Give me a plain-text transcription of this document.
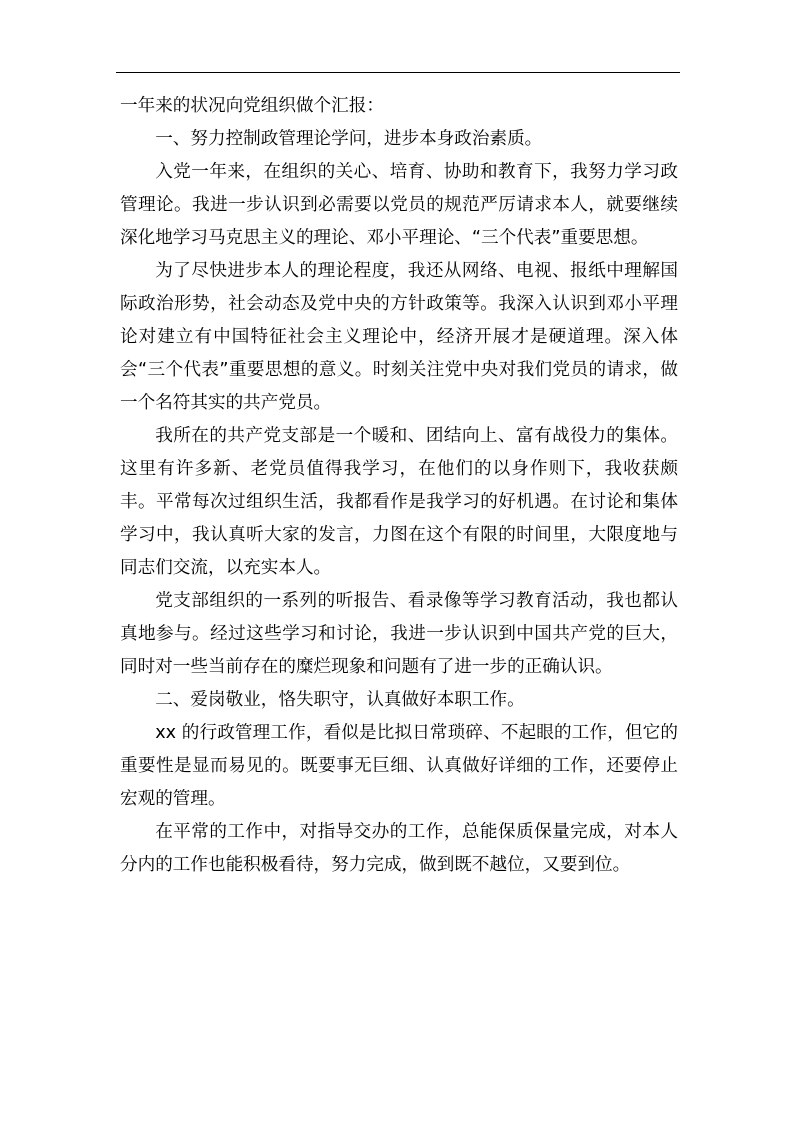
一年来的状况向党组织做个汇报：

一、努力控制政管理论学问，进步本身政治素质。

入党一年来，在组织的关心、培育、协助和教育下，我努力学习政管理论。我进一步认识到必需要以党员的规范严厉请求本人，就要继续深化地学习马克思主义的理论、邓小平理论、“三个代表”重要思想。

为了尽快进步本人的理论程度，我还从网络、电视、报纸中理解国际政治形势，社会动态及党中央的方针政策等。我深入认识到邓小平理论对建立有中国特征社会主义理论中，经济开展才是硬道理。深入体会“三个代表”重要思想的意义。时刻关注党中央对我们党员的请求，做一个名符其实的共产党员。

我所在的共产党支部是一个暖和、团结向上、富有战役力的集体。这里有许多新、老党员值得我学习，在他们的以身作则下，我收获颇丰。平常每次过组织生活，我都看作是我学习的好机遇。在讨论和集体学习中，我认真听大家的发言，力图在这个有限的时间里，大限度地与同志们交流，以充实本人。

党支部组织的一系列的听报告、看录像等学习教育活动，我也都认真地参与。经过这些学习和讨论，我进一步认识到中国共产党的巨大，同时对一些当前存在的糜烂现象和问题有了进一步的正确认识。

二、爱岗敬业，恪失职守，认真做好本职工作。

xx 的行政管理工作，看似是比拟日常琐碎、不起眼的工作，但它的重要性是显而易见的。既要事无巨细、认真做好详细的工作，还要停止宏观的管理。

在平常的工作中，对指导交办的工作，总能保质保量完成，对本人分内的工作也能积极看待，努力完成，做到既不越位，又要到位。
